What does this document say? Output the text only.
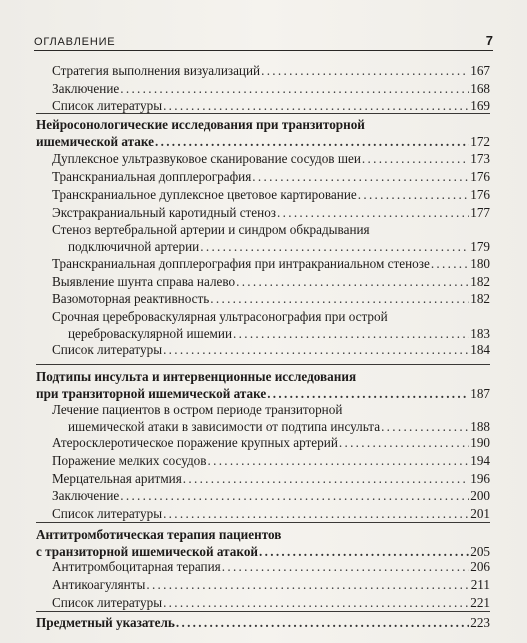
ОГЛАВЛЕНИЕ	7
Стратегия выполнения визуализаций . . .	167
Заключение . . .	168
Список литературы . . .	169
Нейросонологические исследования при транзиторной
ишемической атаке . . .	172
Дуплексное ультразвуковое сканирование сосудов шеи . . .	173
Транскраниальная допплерография . . .	176
Транскраниальное дуплексное цветовое картирование . . .	176
Экстракраниальный каротидный стеноз . . .	177
Стеноз вертебральной артерии и синдром обкрадывания
подключичной артерии . . .	179
Транскраниальная допплерография при интракраниальном стенозе . . .	180
Выявление шунта справа налево . . .	182
Вазомоторная реактивность . . .	182
Срочная цереброваскулярная ультрасонография при острой
цереброваскулярной ишемии . . .	183
Список литературы . . .	184
Подтипы инсульта и интервенционные исследования
при транзиторной ишемической атаке . . .	187
Лечение пациентов в остром периоде транзиторной
ишемической атаки в зависимости от подтипа инсульта . . .	188
Атеросклеротическое поражение крупных артерий . . .	190
Поражение мелких сосудов . . .	194
Мерцательная аритмия . . .	196
Заключение . . .	200
Список литературы . . .	201
Антитромботическая терапия пациентов
с транзиторной ишемической атакой . . .	205
Антитромбоцитарная терапия . . .	206
Антикоагулянты . . .	211
Список литературы . . .	221
Предметный указатель . . .	223
